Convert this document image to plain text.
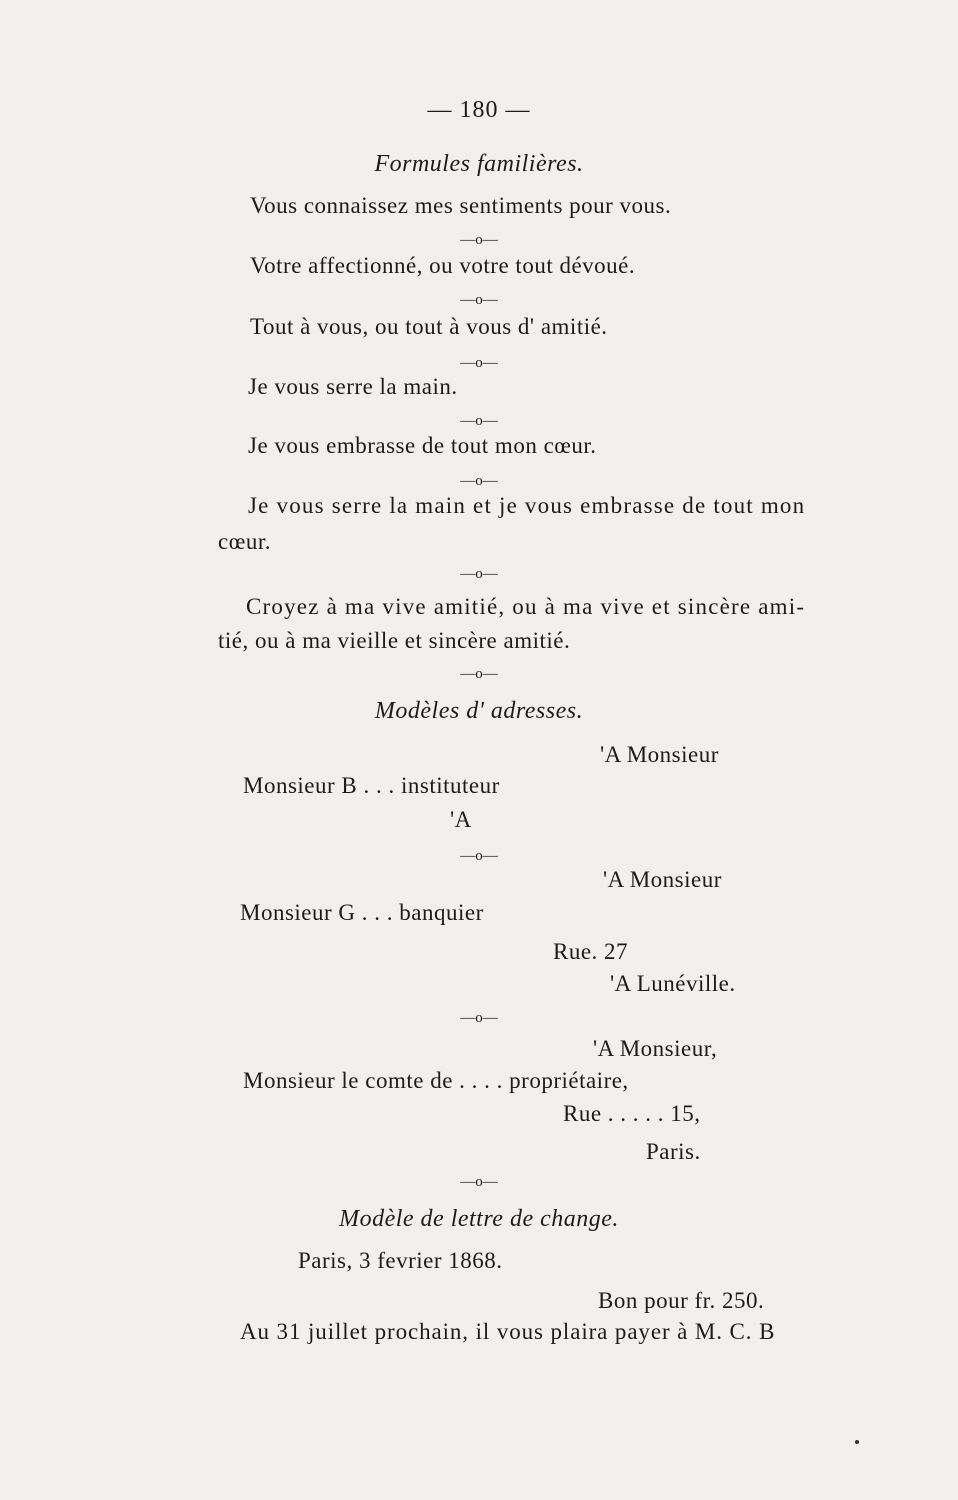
— 180 —
Formules familières.
Vous connaissez mes sentiments pour vous.
—o—
Votre affectionné, ou votre tout dévoué.
—o—
Tout à vous, ou tout à vous d' amitié.
—o—
Je vous serre la main.
—o—
Je vous embrasse de tout mon cœur.
—o—
Je vous serre la main et je vous embrasse de tout mon
cœur.
—o—
Croyez à ma vive amitié, ou à ma vive et sincère ami-
tié, ou à ma vieille et sincère amitié.
—o—
Modèles d' adresses.
'A Monsieur
Monsieur B . . . instituteur
'A
—o—
'A Monsieur
Monsieur G . . . banquier
Rue. 27
'A Lunéville.
—o—
'A Monsieur,
Monsieur le comte de . . . . propriétaire,
Rue . . . . . 15,
Paris.
—o—
Modèle de lettre de change.
Paris, 3 fevrier 1868.
Bon pour fr. 250.
Au 31 juillet prochain, il vous plaira payer à M. C. B
